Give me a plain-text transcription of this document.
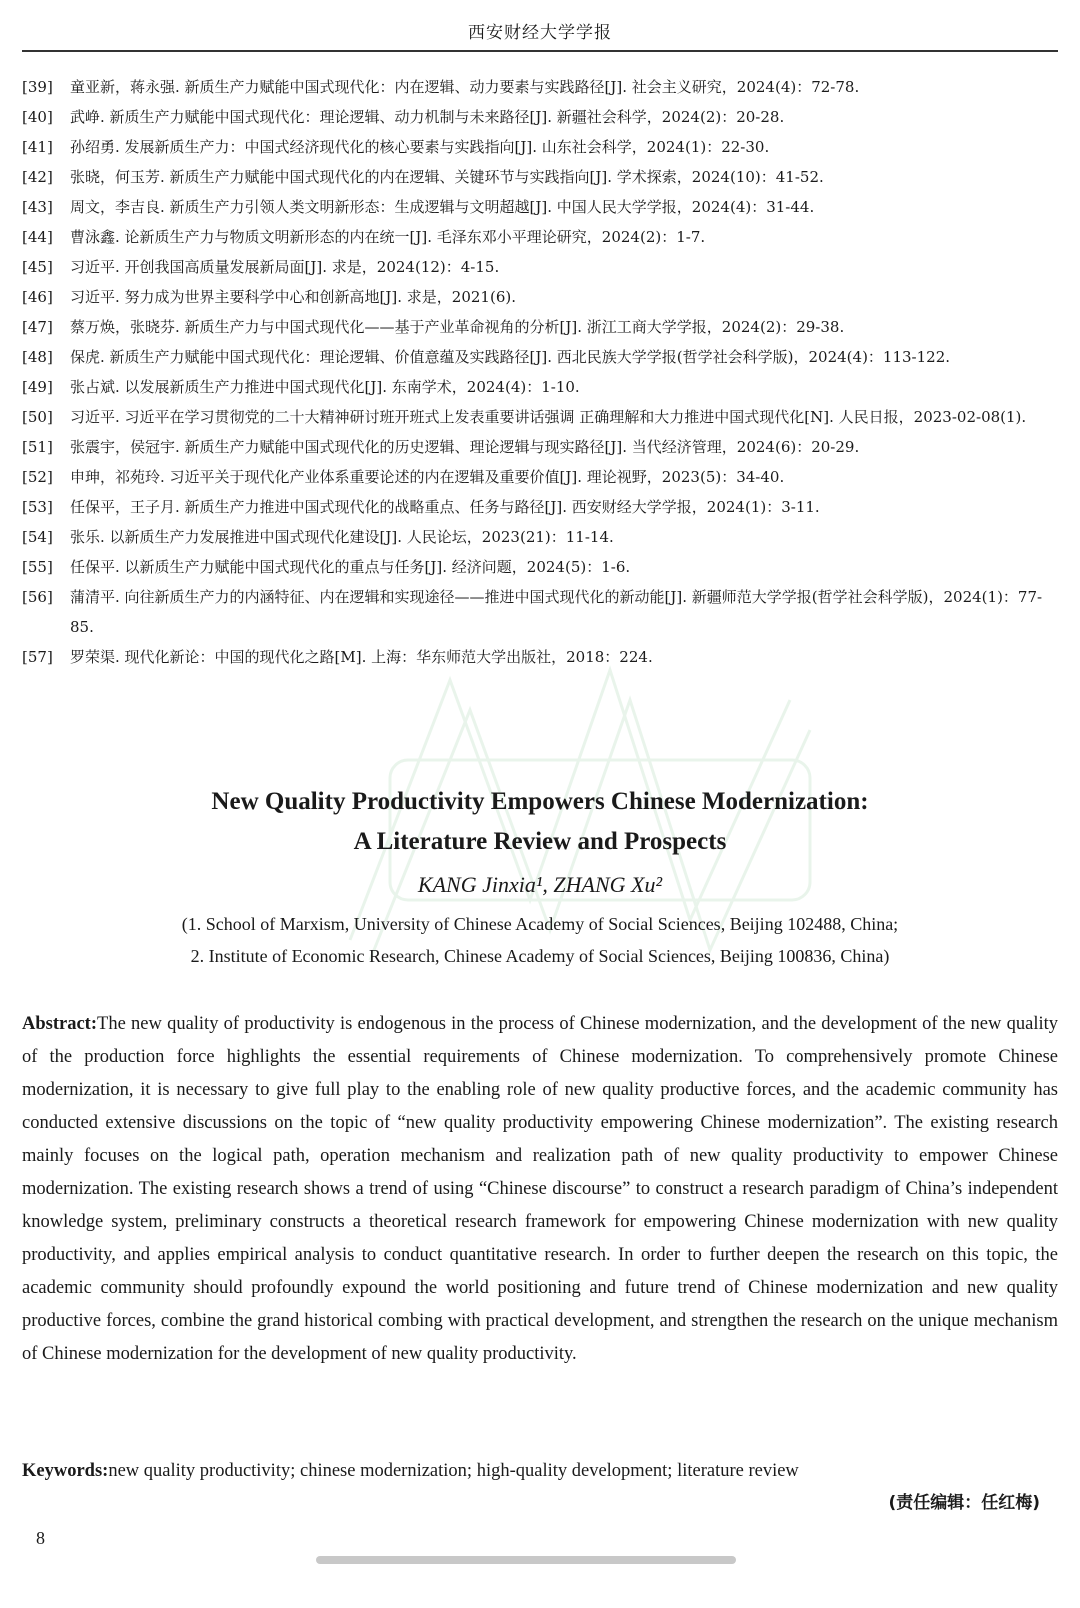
西安财经大学学报
[39]	童亚新，蒋永强. 新质生产力赋能中国式现代化：内在逻辑、动力要素与实践路径[J]. 社会主义研究，2024(4)：72-78.
[40]	武峥. 新质生产力赋能中国式现代化：理论逻辑、动力机制与未来路径[J]. 新疆社会科学，2024(2)：20-28.
[41]	孙绍勇. 发展新质生产力：中国式经济现代化的核心要素与实践指向[J]. 山东社会科学，2024(1)：22-30.
[42]	张晓，何玉芳. 新质生产力赋能中国式现代化的内在逻辑、关键环节与实践指向[J]. 学术探索，2024(10)：41-52.
[43]	周文，李吉良. 新质生产力引领人类文明新形态：生成逻辑与文明超越[J]. 中国人民大学学报，2024(4)：31-44.
[44]	曹泳鑫. 论新质生产力与物质文明新形态的内在统一[J]. 毛泽东邓小平理论研究，2024(2)：1-7.
[45]	习近平. 开创我国高质量发展新局面[J]. 求是，2024(12)：4-15.
[46]	习近平. 努力成为世界主要科学中心和创新高地[J]. 求是，2021(6).
[47]	蔡万焕，张晓芬. 新质生产力与中国式现代化——基于产业革命视角的分析[J]. 浙江工商大学学报，2024(2)：29-38.
[48]	保虎. 新质生产力赋能中国式现代化：理论逻辑、价值意蕴及实践路径[J]. 西北民族大学学报(哲学社会科学版)，2024(4)：113-122.
[49]	张占斌. 以发展新质生产力推进中国式现代化[J]. 东南学术，2024(4)：1-10.
[50]	习近平. 习近平在学习贯彻党的二十大精神研讨班开班式上发表重要讲话强调 正确理解和大力推进中国式现代化[N]. 人民日报，2023-02-08(1).
[51]	张震宇，侯冠宇. 新质生产力赋能中国式现代化的历史逻辑、理论逻辑与现实路径[J]. 当代经济管理，2024(6)：20-29.
[52]	申珅，祁苑玲. 习近平关于现代化产业体系重要论述的内在逻辑及重要价值[J]. 理论视野，2023(5)：34-40.
[53]	任保平，王子月. 新质生产力推进中国式现代化的战略重点、任务与路径[J]. 西安财经大学学报，2024(1)：3-11.
[54]	张乐. 以新质生产力发展推进中国式现代化建设[J]. 人民论坛，2023(21)：11-14.
[55]	任保平. 以新质生产力赋能中国式现代化的重点与任务[J]. 经济问题，2024(5)：1-6.
[56]	蒲清平. 向往新质生产力的内涵特征、内在逻辑和实现途径——推进中国式现代化的新动能[J]. 新疆师范大学学报(哲学社会科学版)，2024(1)：77-85.
[57]	罗荣渠. 现代化新论：中国的现代化之路[M]. 上海：华东师范大学出版社，2018：224.
New Quality Productivity Empowers Chinese Modernization:
A Literature Review and Prospects
KANG Jinxia¹, ZHANG Xu²
(1. School of Marxism, University of Chinese Academy of Social Sciences, Beijing 102488, China;
2. Institute of Economic Research, Chinese Academy of Social Sciences, Beijing 100836, China)
Abstract:The new quality of productivity is endogenous in the process of Chinese modernization, and the development of the new quality of the production force highlights the essential requirements of Chinese modernization. To comprehensively promote Chinese modernization, it is necessary to give full play to the enabling role of new quality productive forces, and the academic community has conducted extensive discussions on the topic of “new quality productivity empowering Chinese modernization”. The existing research mainly focuses on the logical path, operation mechanism and realization path of new quality productivity to empower Chinese modernization. The existing research shows a trend of using “Chinese discourse” to construct a research paradigm of China’s independent knowledge system, preliminary constructs a theoretical research framework for empowering Chinese modernization with new quality productivity, and applies empirical analysis to conduct quantitative research. In order to further deepen the research on this topic, the academic community should profoundly expound the world positioning and future trend of Chinese modernization and new quality productive forces, combine the grand historical combing with practical development, and strengthen the research on the unique mechanism of Chinese modernization for the development of new quality productivity.
Keywords:new quality productivity; chinese modernization; high-quality development; literature review
(责任编辑：任红梅)
8
